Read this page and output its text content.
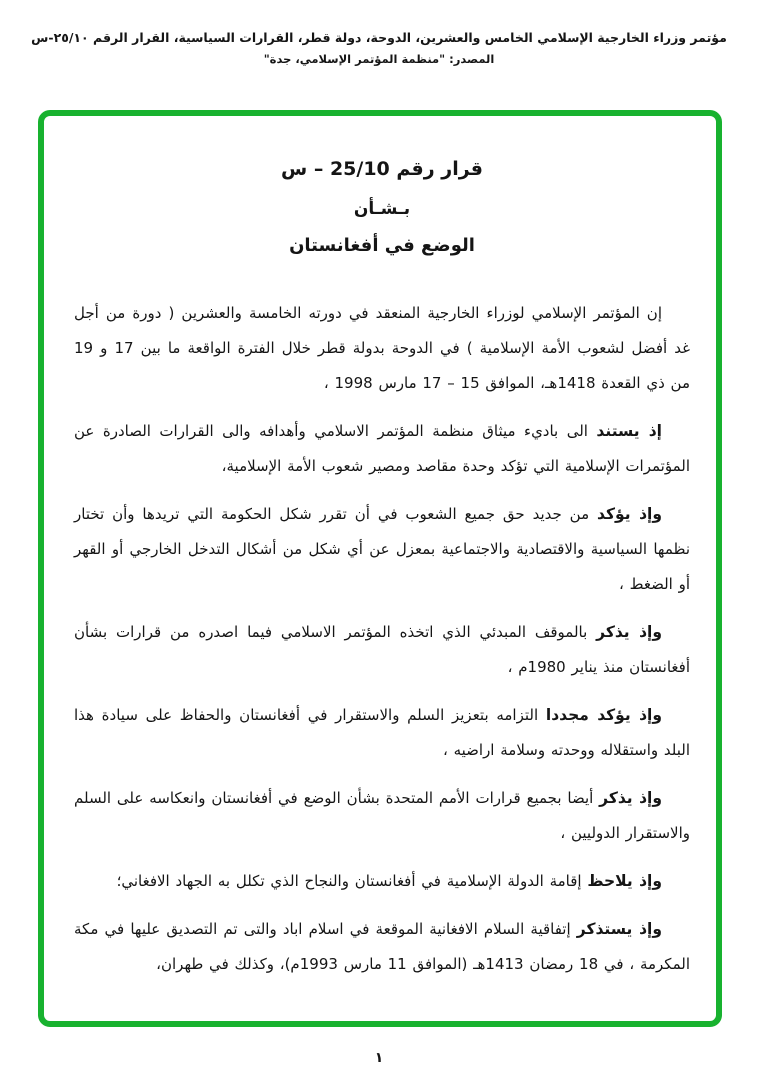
مؤتمر وزراء الخارجية الإسلامي الخامس والعشرين، الدوحة، دولة قطر، القرارات السياسية، القرار الرقم ٢٥/١٠-س
المصدر: "منظمة المؤتمر الإسلامي، جدة"
قرار رقم 25/10 – س
بـشـأن
الوضع في أفغانستان

إن المؤتمر الإسلامي لوزراء الخارجية المنعقد في دورته الخامسة والعشرين ( دورة من أجل غد أفضل لشعوب الأمة الإسلامية ) في الدوحة بدولة قطر خلال الفترة الواقعة ما بين 17 و 19 من ذي القعدة 1418هـ، الموافق 15 – 17 مارس 1998 ،

إذ يستند الى باديء ميثاق منظمة المؤتمر الاسلامي وأهدافه والى القرارات الصادرة عن المؤتمرات الإسلامية التي تؤكد وحدة مقاصد ومصير شعوب الأمة الإسلامية،

وإذ يؤكد من جديد حق جميع الشعوب في أن تقرر شكل الحكومة التي تريدها وأن تختار نظمها السياسية والاقتصادية والاجتماعية بمعزل عن أي شكل من أشكال التدخل الخارجي أو القهر أو الضغط ،

وإذ يذكر بالموقف المبدئي الذي اتخذه المؤتمر الاسلامي فيما اصدره من قرارات بشأن أفغانستان منذ يناير 1980م ،

وإذ يؤكد مجددا التزامه بتعزيز السلم والاستقرار في أفغانستان والحفاظ على سيادة هذا البلد واستقلاله ووحدته وسلامة اراضيه ،

وإذ يذكر أيضا بجميع قرارات الأمم المتحدة بشأن الوضع في أفغانستان وانعكاسه على السلم والاستقرار الدوليين ،

وإذ يلاحظ إقامة الدولة الإسلامية في أفغانستان والنجاح الذي تكلل به الجهاد الافغاني؛

وإذ يستذكر إتفاقية السلام الافغانية الموقعة في اسلام اباد والتى تم التصديق عليها في مكة المكرمة ، في 18 رمضان 1413هـ (الموافق 11 مارس 1993م)، وكذلك في طهران،

١
